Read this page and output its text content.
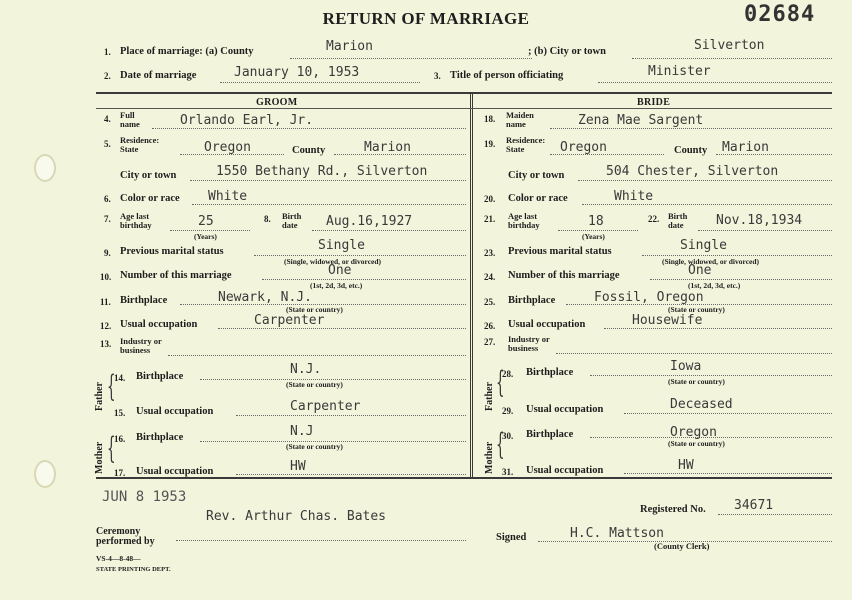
RETURN OF MARRIAGE	02684
1. Place of marriage: (a) County	Marion	; (b) City or town	Silverton
2. Date of marriage	January 10, 1953	3. Title of person officiating	Minister
GROOM	BRIDE
4. Full
name	Orlando Earl, Jr.
5. Residence:
State	Oregon	County	Marion
City or town	1550 Bethany Rd., Silverton
6. Color or race White
7. Age last
birthday	25
(Years)
8. Birth
date Aug.16,1927
9. Previous marital status	Single
(Single, widowed, or divorced)
10. Number of this marriage	One
(1st, 2d, 3d, etc.)
11. Birthplace	Newark, N.J.
(State or country)
12. Usual occupation	Carpenter
13. Industry or
business
Father {
14. Birthplace	N.J.
(State or country)
15. Usual occupation	Carpenter
Mother {
16. Birthplace	N.J
(State or country)
17. Usual occupation	HW
18. Maiden
name	Zena Mae Sargent
19. Residence:
State	Oregon	County Marion
City or town	504 Chester, Silverton
20. Color or race	White
21. Age last
birthday	18
(Years)
22. Birth
date Nov.18,1934
23. Previous marital status	Single
(Single, widowed, or divorced)
24. Number of this marriage	One
(1st, 2d, 3d, etc.)
25. Birthplace	Fossil, Oregon
(State or country)
26. Usual occupation	Housewife
27. Industry or
business
Father {
28. Birthplace	Iowa
(State or country)
29. Usual occupation	Deceased
Mother {
30. Birthplace	Oregon
(State or country)
31. Usual occupation	HW
JUN 8 1953
Registered No. 34671
Rev. Arthur Chas. Bates
Ceremony
performed by	Signed	H.C. Mattson
(County Clerk)
VS-4—8-48—
STATE PRINTING DEPT.
